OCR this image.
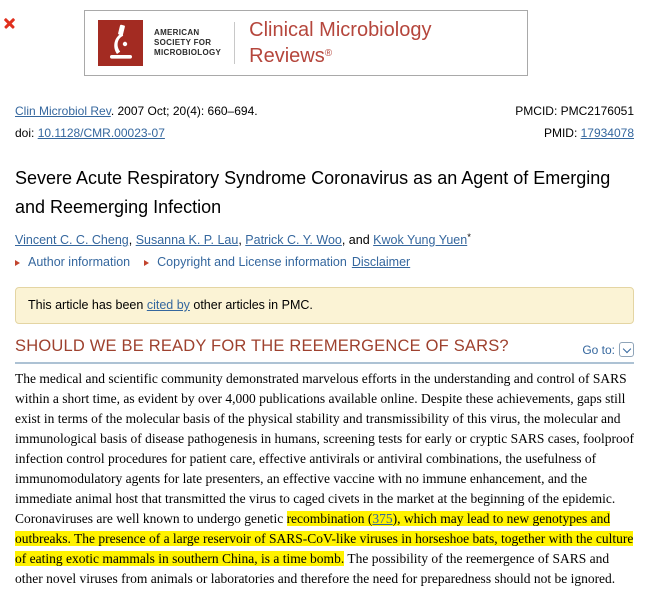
AMERICAN
SOCIETY FOR
MICROBIOLOGY
Clinical Microbiology
Reviews®
Clin Microbiol Rev. 2007 Oct; 20(4): 660–694.	PMCID: PMC2176051
doi: 10.1128/CMR.00023-07	PMID: 17934078
Severe Acute Respiratory Syndrome Coronavirus as an Agent of Emerging
and Reemerging Infection
Vincent C. C. Cheng, Susanna K. P. Lau, Patrick C. Y. Woo, and Kwok Yung Yuen*
Author information Copyright and License information Disclaimer
This article has been cited by other articles in PMC.
SHOULD WE BE READY FOR THE REEMERGENCE OF SARS?	Go to:

The medical and scientific community demonstrated marvelous efforts in the understanding and control of SARS within a short time, as evident by over 4,000 publications available online. Despite these achievements, gaps still exist in terms of the molecular basis of the physical stability and transmissibility of this virus, the molecular and immunological basis of disease pathogenesis in humans, screening tests for early or cryptic SARS cases, foolproof infection control procedures for patient care, effective antivirals or antiviral combinations, the usefulness of immunomodulatory agents for late presenters, an effective vaccine with no immune enhancement, and the immediate animal host that transmitted the virus to caged civets in the market at the beginning of the epidemic. Coronaviruses are well known to undergo genetic recombination (375), which may lead to new genotypes and outbreaks. The presence of a large reservoir of SARS-CoV-like viruses in horseshoe bats, together with the culture of eating exotic mammals in southern China, is a time bomb. The possibility of the reemergence of SARS and other novel viruses from animals or laboratories and therefore the need for preparedness should not be ignored.
